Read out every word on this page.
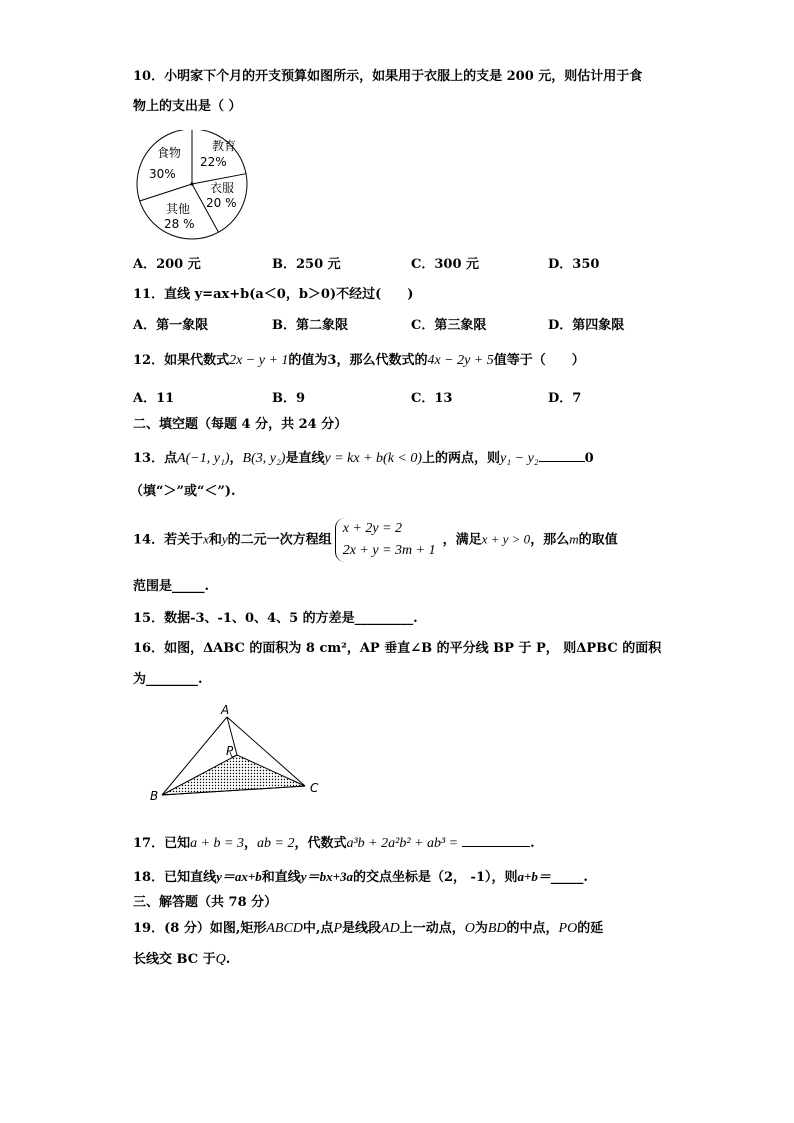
10．小明家下个月的开支预算如图所示，如果用于衣服上的支是 200 元，则估计用于食
物上的支出是（ ）
教育
22%
衣服
20 %
其他
28 %
食物
30%
A．200 元	B．250 元	C．300 元	D．350
11．直线 y=ax+b(a＜0，b＞0)不经过(　　)
A．第一象限	B．第二象限	C．第三象限	D．第四象限
12．如果代数式2x − y + 1的值为3，那么代数式的4x − 2y + 5值等于（　　）
A．11	B．9	C．13	D．7
二、填空题（每题 4 分，共 24 分）
13．点A(−1, y₁)，B(3, y₂)是直线y = kx + b(k < 0)上的两点，则y₁ − y₂	0
（填“＞”或“＜”).
14．若关于x和y的二元一次方程组
x + 2y = 2
2x + y = 3m + 1
，满足x + y > 0，那么m的取值
范围是_____.
15．数据-3、-1、0、4、5 的方差是_________.
16．如图，ΔABC 的面积为 8 cm²，AP 垂直∠B 的平分线 BP 于 P， 则ΔPBC 的面积
为________.
A
B
C
P
17．已知a + b = 3，ab = 2，代数式a³b + 2a²b² + ab³ =	.
18．已知直线y＝ax+b和直线y＝bx+3a的交点坐标是（2， -1），则a+b＝_____.
三、解答题（共 78 分）
19．(8 分）如图,矩形ABCD中,点P是线段AD上一动点，O为BD的中点，PO的延
长线交 BC 于Q.
